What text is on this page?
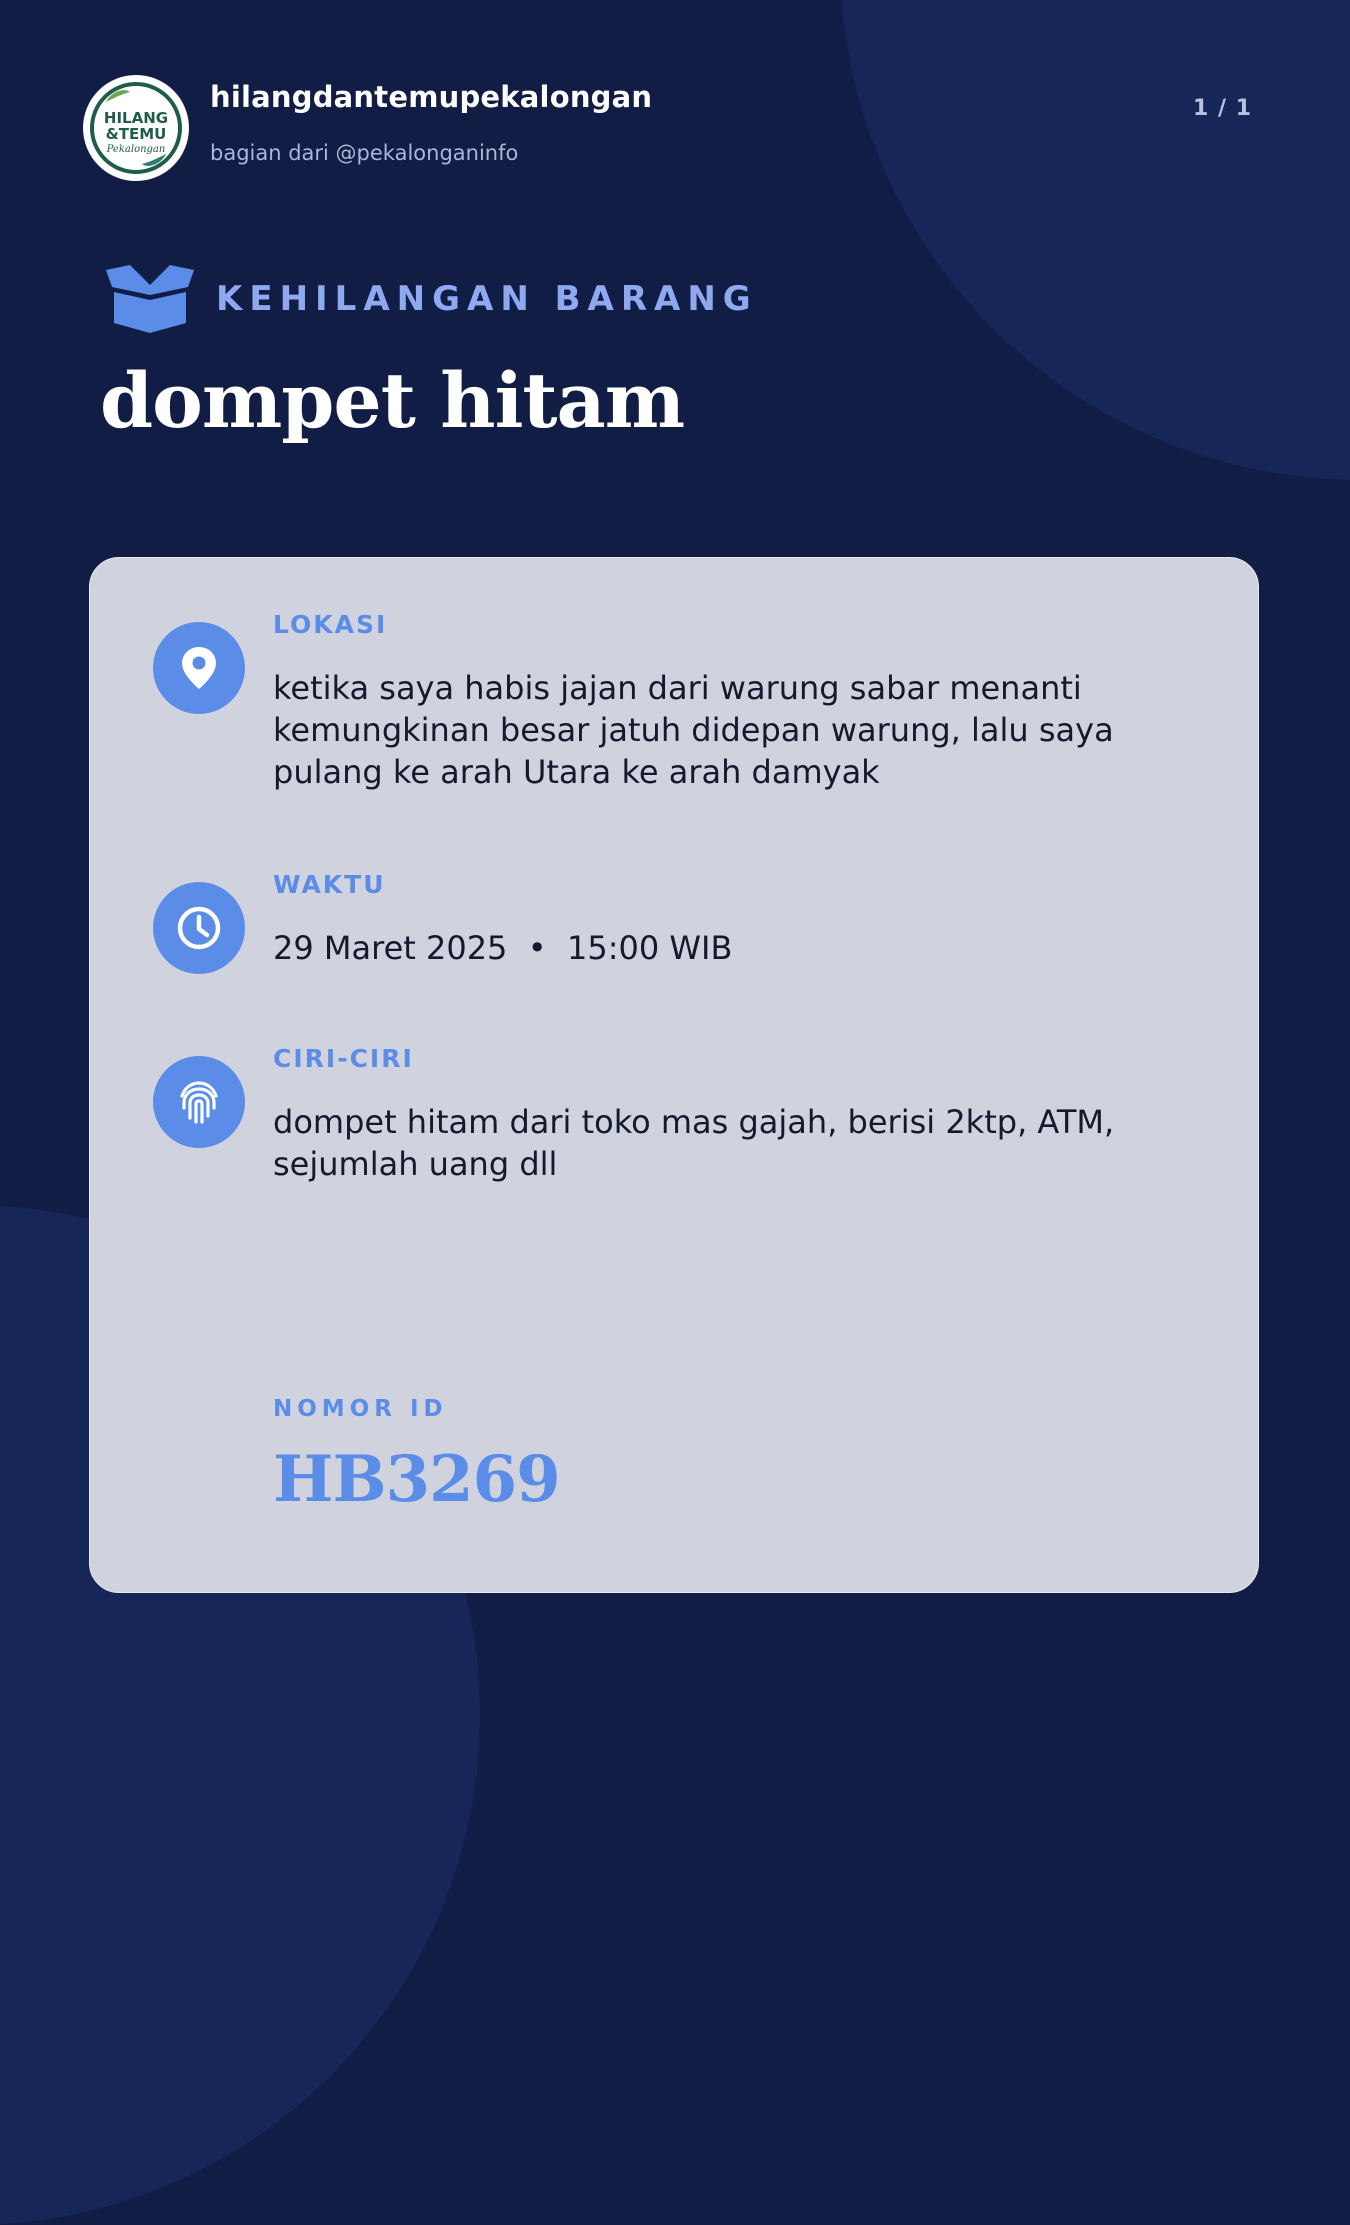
HILANG
&TEMU
Pekalongan
hilangdantemupekalongan
bagian dari @pekalonganinfo
1 / 1
KEHILANGAN BARANG
dompet hitam
LOKASI
ketika saya habis jajan dari warung sabar menanti kemungkinan besar jatuh didepan warung, lalu saya pulang ke arah Utara ke arah damyak
WAKTU
29 Maret 2025  •  15:00 WIB
CIRI-CIRI
dompet hitam dari toko mas gajah, berisi 2ktp, ATM, sejumlah uang dll
NOMOR ID
HB3269
